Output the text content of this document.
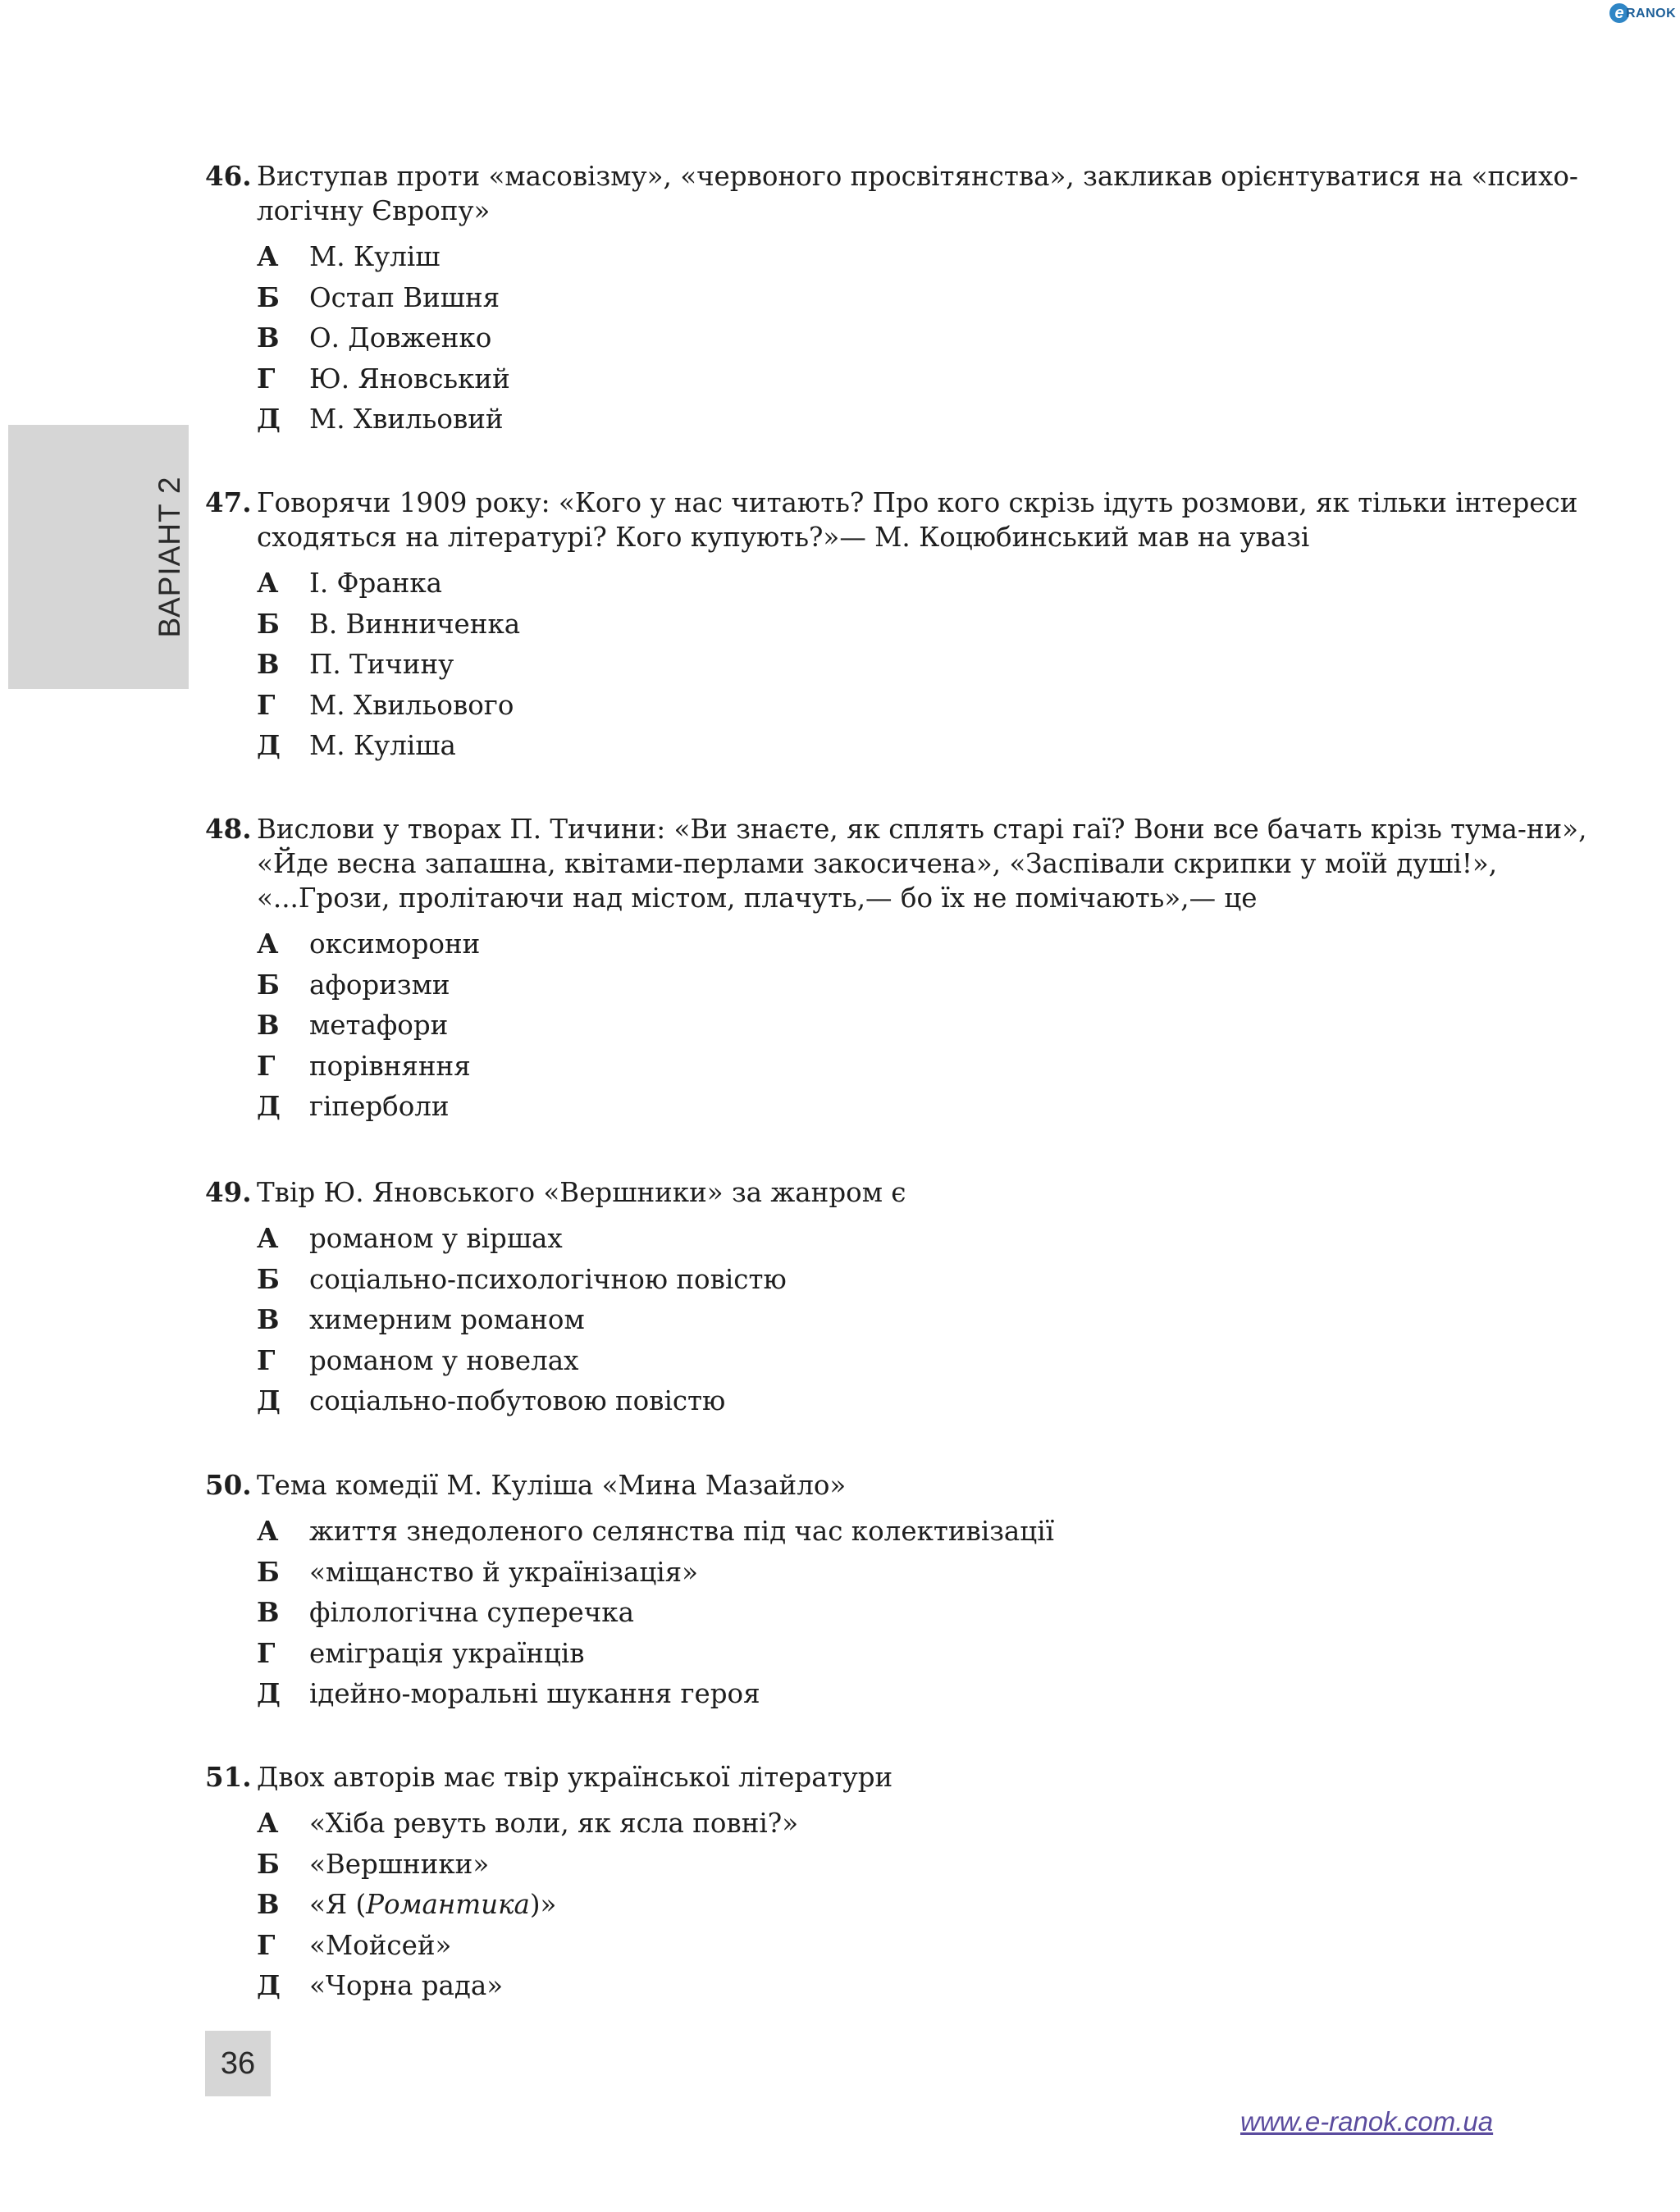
e RANOK
ВАРІАНТ 2
46. Виступав проти «масовізму», «червоного просвітянства», закликав орієнтуватися на «психо-логічну Європу»
А М. Куліш
Б Остап Вишня
В О. Довженко
Г Ю. Яновський
Д М. Хвильовий
47. Говорячи 1909 року: «Кого у нас читають? Про кого скрізь ідуть розмови, як тільки інтереси сходяться на літературі? Кого купують?»— М. Коцюбинський мав на увазі
А І. Франка
Б В. Винниченка
В П. Тичину
Г М. Хвильового
Д М. Куліша
48. Вислови у творах П. Тичини: «Ви знаєте, як сплять старі гаї? Вони все бачать крізь тума-ни», «Йде весна запашна, квітами-перлами закосичена», «Заспівали скрипки у моїй душі!», «...Грози, пролітаючи над містом, плачуть,— бо їх не помічають»,— це
А оксиморони
Б афоризми
В метафори
Г порівняння
Д гіперболи
49. Твір Ю. Яновського «Вершники» за жанром є
А романом у віршах
Б соціально-психологічною повістю
В химерним романом
Г романом у новелах
Д соціально-побутовою повістю
50. Тема комедії М. Куліша «Мина Мазайло»
А життя знедоленого селянства під час колективізації
Б «міщанство й українізація»
В філологічна суперечка
Г еміграція українців
Д ідейно-моральні шукання героя
51. Двох авторів має твір української літератури
А «Хіба ревуть воли, як ясла повні?»
Б «Вершники»
В «Я (Романтика)»
Г «Мойсей»
Д «Чорна рада»
36
www.e-ranok.com.ua
